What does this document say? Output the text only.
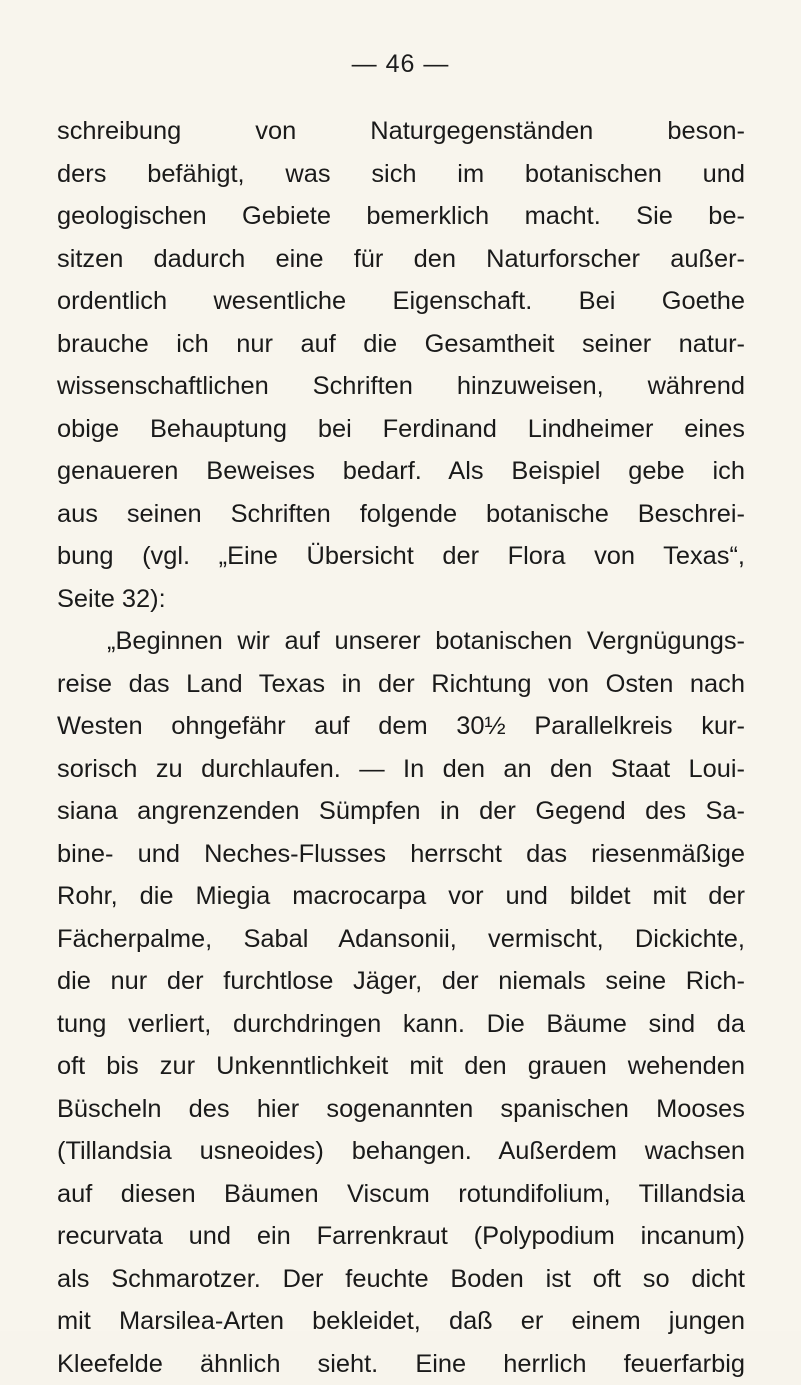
— 46 —
schreibung von Naturgegenständen beson-
ders befähigt, was sich im botanischen und
geologischen Gebiete bemerklich macht. Sie be-
sitzen dadurch eine für den Naturforscher außer-
ordentlich wesentliche Eigenschaft. Bei Goethe
brauche ich nur auf die Gesamtheit seiner natur-
wissenschaftlichen Schriften hinzuweisen, während
obige Behauptung bei Ferdinand Lindheimer eines
genaueren Beweises bedarf. Als Beispiel gebe ich
aus seinen Schriften folgende botanische Beschrei-
bung (vgl. „Eine Übersicht der Flora von Texas“,
Seite 32):
„Beginnen wir auf unserer botanischen Vergnügungs-
reise das Land Texas in der Richtung von Osten nach
Westen ohngefähr auf dem 30½ Parallelkreis kur-
sorisch zu durchlaufen. — In den an den Staat Loui-
siana angrenzenden Sümpfen in der Gegend des Sa-
bine- und Neches-Flusses herrscht das riesenmäßige
Rohr, die Miegia macrocarpa vor und bildet mit der
Fächerpalme, Sabal Adansonii, vermischt, Dickichte,
die nur der furchtlose Jäger, der niemals seine Rich-
tung verliert, durchdringen kann. Die Bäume sind da
oft bis zur Unkenntlichkeit mit den grauen wehenden
Büscheln des hier sogenannten spanischen Mooses
(Tillandsia usneoides) behangen. Außerdem wachsen
auf diesen Bäumen Viscum rotundifolium, Tillandsia
recurvata und ein Farrenkraut (Polypodium incanum)
als Schmarotzer. Der feuchte Boden ist oft so dicht
mit Marsilea-Arten bekleidet, daß er einem jungen
Kleefelde ähnlich sieht. Eine herrlich feuerfarbig
